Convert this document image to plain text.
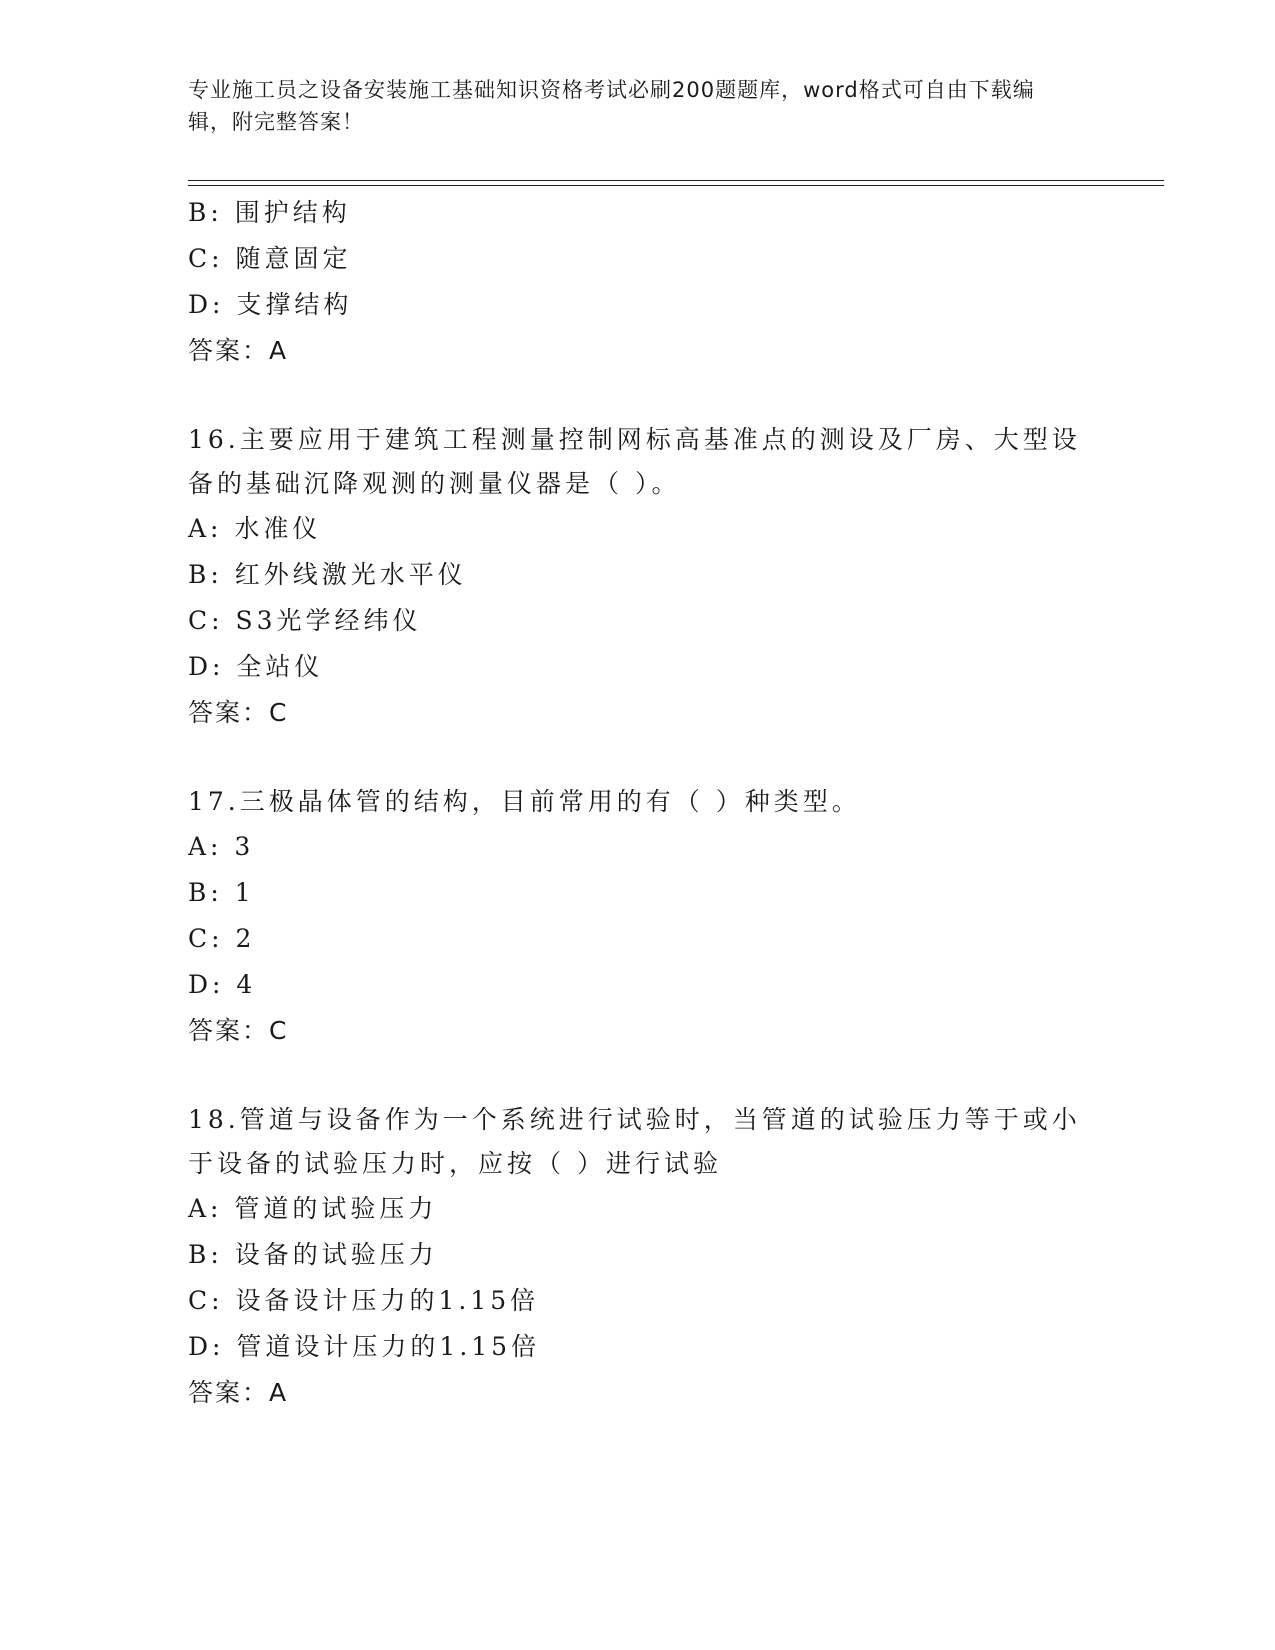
专业施工员之设备安装施工基础知识资格考试必刷200题题库，word格式可自由下载编辑，附完整答案！
B: 围护结构
C: 随意固定
D: 支撑结构
答案：A
16.主要应用于建筑工程测量控制网标高基准点的测设及厂房、大型设备的基础沉降观测的测量仪器是（ ）。
A: 水准仪
B: 红外线激光水平仪
C: S3光学经纬仪
D: 全站仪
答案：C
17.三极晶体管的结构，目前常用的有（ ）种类型。
A: 3
B: 1
C: 2
D: 4
答案：C
18.管道与设备作为一个系统进行试验时，当管道的试验压力等于或小于设备的试验压力时，应按（ ）进行试验
A: 管道的试验压力
B: 设备的试验压力
C: 设备设计压力的1.15倍
D: 管道设计压力的1.15倍
答案：A
